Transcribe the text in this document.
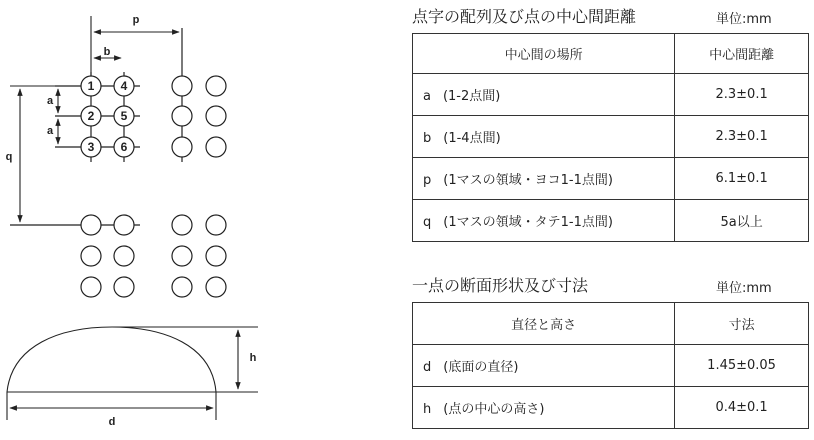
1
2
3
4
5
6
p
b
a
a
q
h
d
点字の配列及び点の中心間距離	単位:mm
中心間の場所	中心間距離
a (1-2点間)	2.3±0.1
b (1-4点間)	2.3±0.1
p (1マスの領域・ヨコ1-1点間)	6.1±0.1
q (1マスの領域・タテ1-1点間)	5a以上
一点の断面形状及び寸法	単位:mm
直径と高さ	寸法
d (底面の直径)	1.45±0.05
h (点の中心の高さ)	0.4±0.1
